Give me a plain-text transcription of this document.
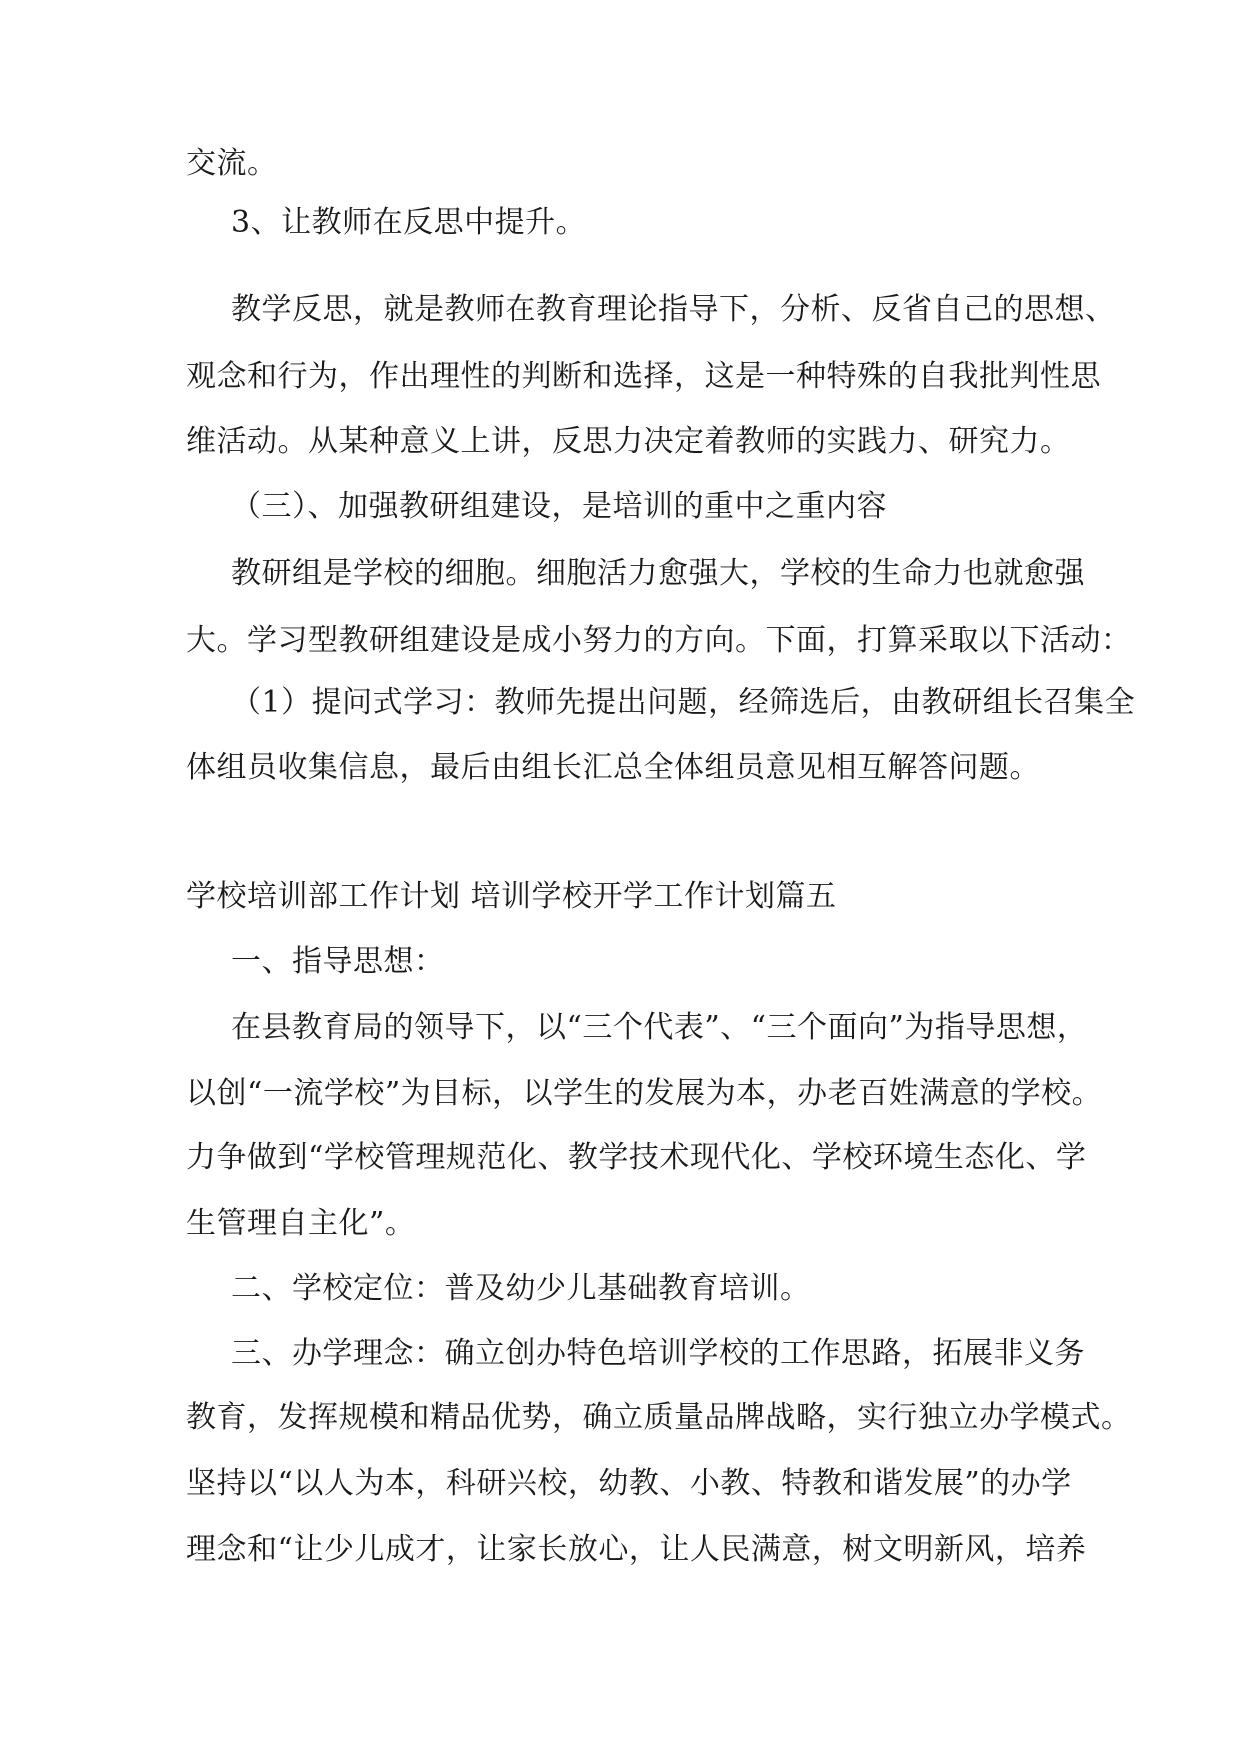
交流。

3、让教师在反思中提升。

教学反思，就是教师在教育理论指导下，分析、反省自己的思想、

观念和行为，作出理性的判断和选择，这是一种特殊的自我批判性思

维活动。从某种意义上讲，反思力决定着教师的实践力、研究力。

（三）、加强教研组建设，是培训的重中之重内容

教研组是学校的细胞。细胞活力愈强大，学校的生命力也就愈强

大。学习型教研组建设是成小努力的方向。下面，打算采取以下活动：

（1）提问式学习：教师先提出问题，经筛选后，由教研组长召集全

体组员收集信息，最后由组长汇总全体组员意见相互解答问题。

学校培训部工作计划 培训学校开学工作计划篇五

一、指导思想：

在县教育局的领导下，以“三个代表”、“三个面向”为指导思想，

以创“一流学校”为目标，以学生的发展为本，办老百姓满意的学校。

力争做到“学校管理规范化、教学技术现代化、学校环境生态化、学

生管理自主化”。

二、学校定位：普及幼少儿基础教育培训。

三、办学理念：确立创办特色培训学校的工作思路，拓展非义务

教育，发挥规模和精品优势，确立质量品牌战略，实行独立办学模式。

坚持以“以人为本，科研兴校，幼教、小教、特教和谐发展”的办学

理念和“让少儿成才，让家长放心，让人民满意，树文明新风，培养
